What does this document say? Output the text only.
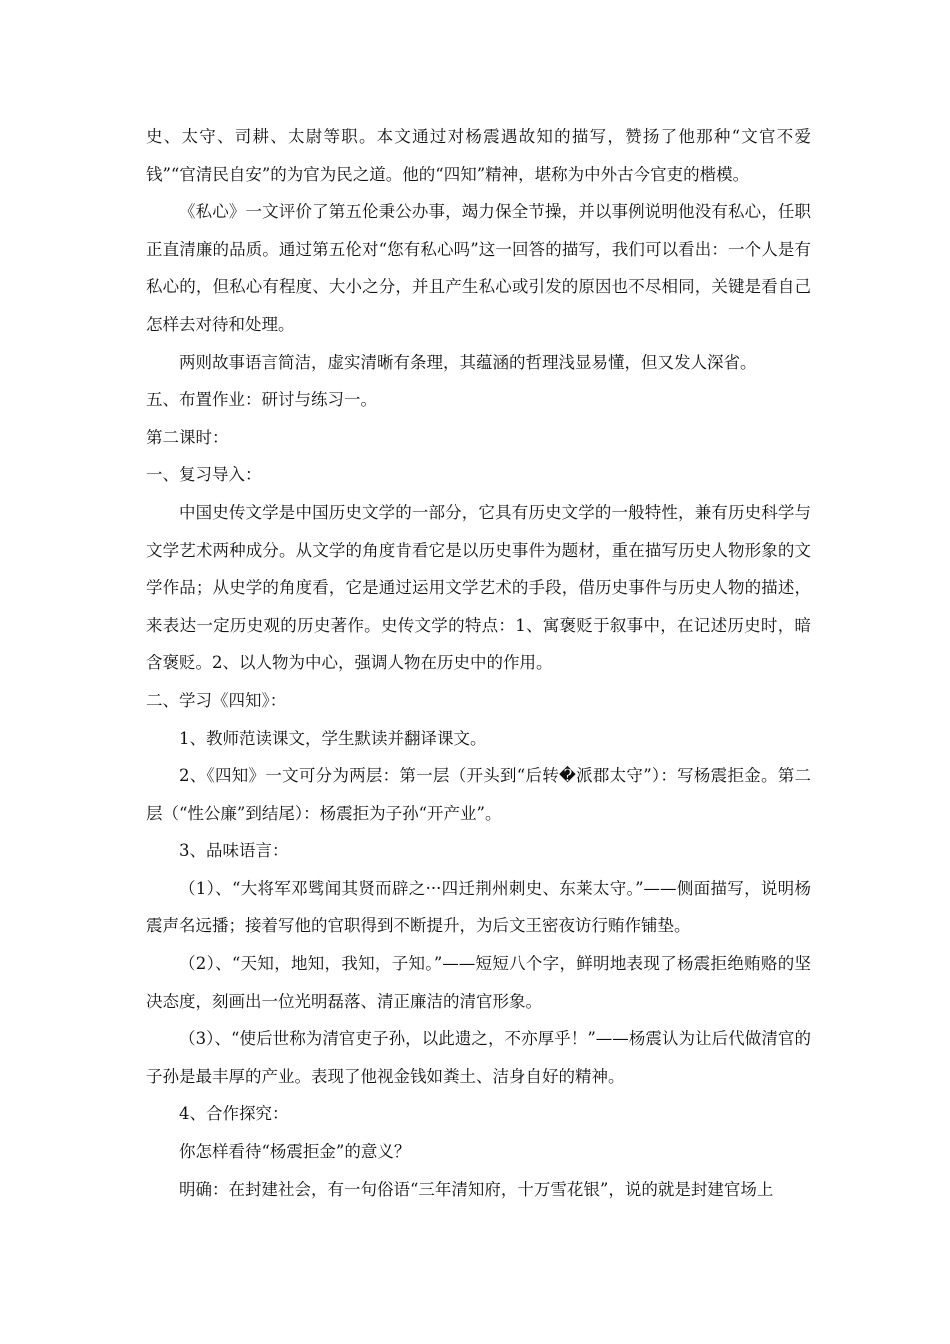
史、太守、司耕、太尉等职。本文通过对杨震遇故知的描写，赞扬了他那种“文官不爱钱”“官清民自安”的为官为民之道。他的“四知”精神，堪称为中外古今官吏的楷模。

《私心》一文评价了第五伦秉公办事，竭力保全节操，并以事例说明他没有私心，任职正直清廉的品质。通过第五伦对“您有私心吗”这一回答的描写，我们可以看出：一个人是有私心的，但私心有程度、大小之分，并且产生私心或引发的原因也不尽相同，关键是看自己怎样去对待和处理。

两则故事语言简洁，虚实清晰有条理，其蕴涵的哲理浅显易懂，但又发人深省。

五、布置作业：研讨与练习一。

第二课时：

一、复习导入：

中国史传文学是中国历史文学的一部分，它具有历史文学的一般特性，兼有历史科学与文学艺术两种成分。从文学的角度肯看它是以历史事件为题材，重在描写历史人物形象的文学作品；从史学的角度看，它是通过运用文学艺术的手段，借历史事件与历史人物的描述，来表达一定历史观的历史著作。史传文学的特点：1、寓褒贬于叙事中，在记述历史时，暗含褒贬。2、以人物为中心，强调人物在历史中的作用。

二、学习《四知》：

1、教师范读课文，学生默读并翻译课文。

2、《四知》一文可分为两层：第一层（开头到“后转�派郡太守”）：写杨震拒金。第二层（“性公廉”到结尾）：杨震拒为子孙“开产业”。

3、品味语言：

（1）、“大将军邓骘闻其贤而辟之···四迁荆州刺史、东莱太守。”——侧面描写，说明杨震声名远播；接着写他的官职得到不断提升，为后文王密夜访行贿作铺垫。

（2）、“天知，地知，我知，子知。”——短短八个字，鲜明地表现了杨震拒绝贿赂的坚决态度，刻画出一位光明磊落、清正廉洁的清官形象。

（3）、“使后世称为清官吏子孙，以此遗之，不亦厚乎！”——杨震认为让后代做清官的子孙是最丰厚的产业。表现了他视金钱如粪土、洁身自好的精神。

4、合作探究：

你怎样看待“杨震拒金”的意义？

明确：在封建社会，有一句俗语“三年清知府，十万雪花银”，说的就是封建官场上
